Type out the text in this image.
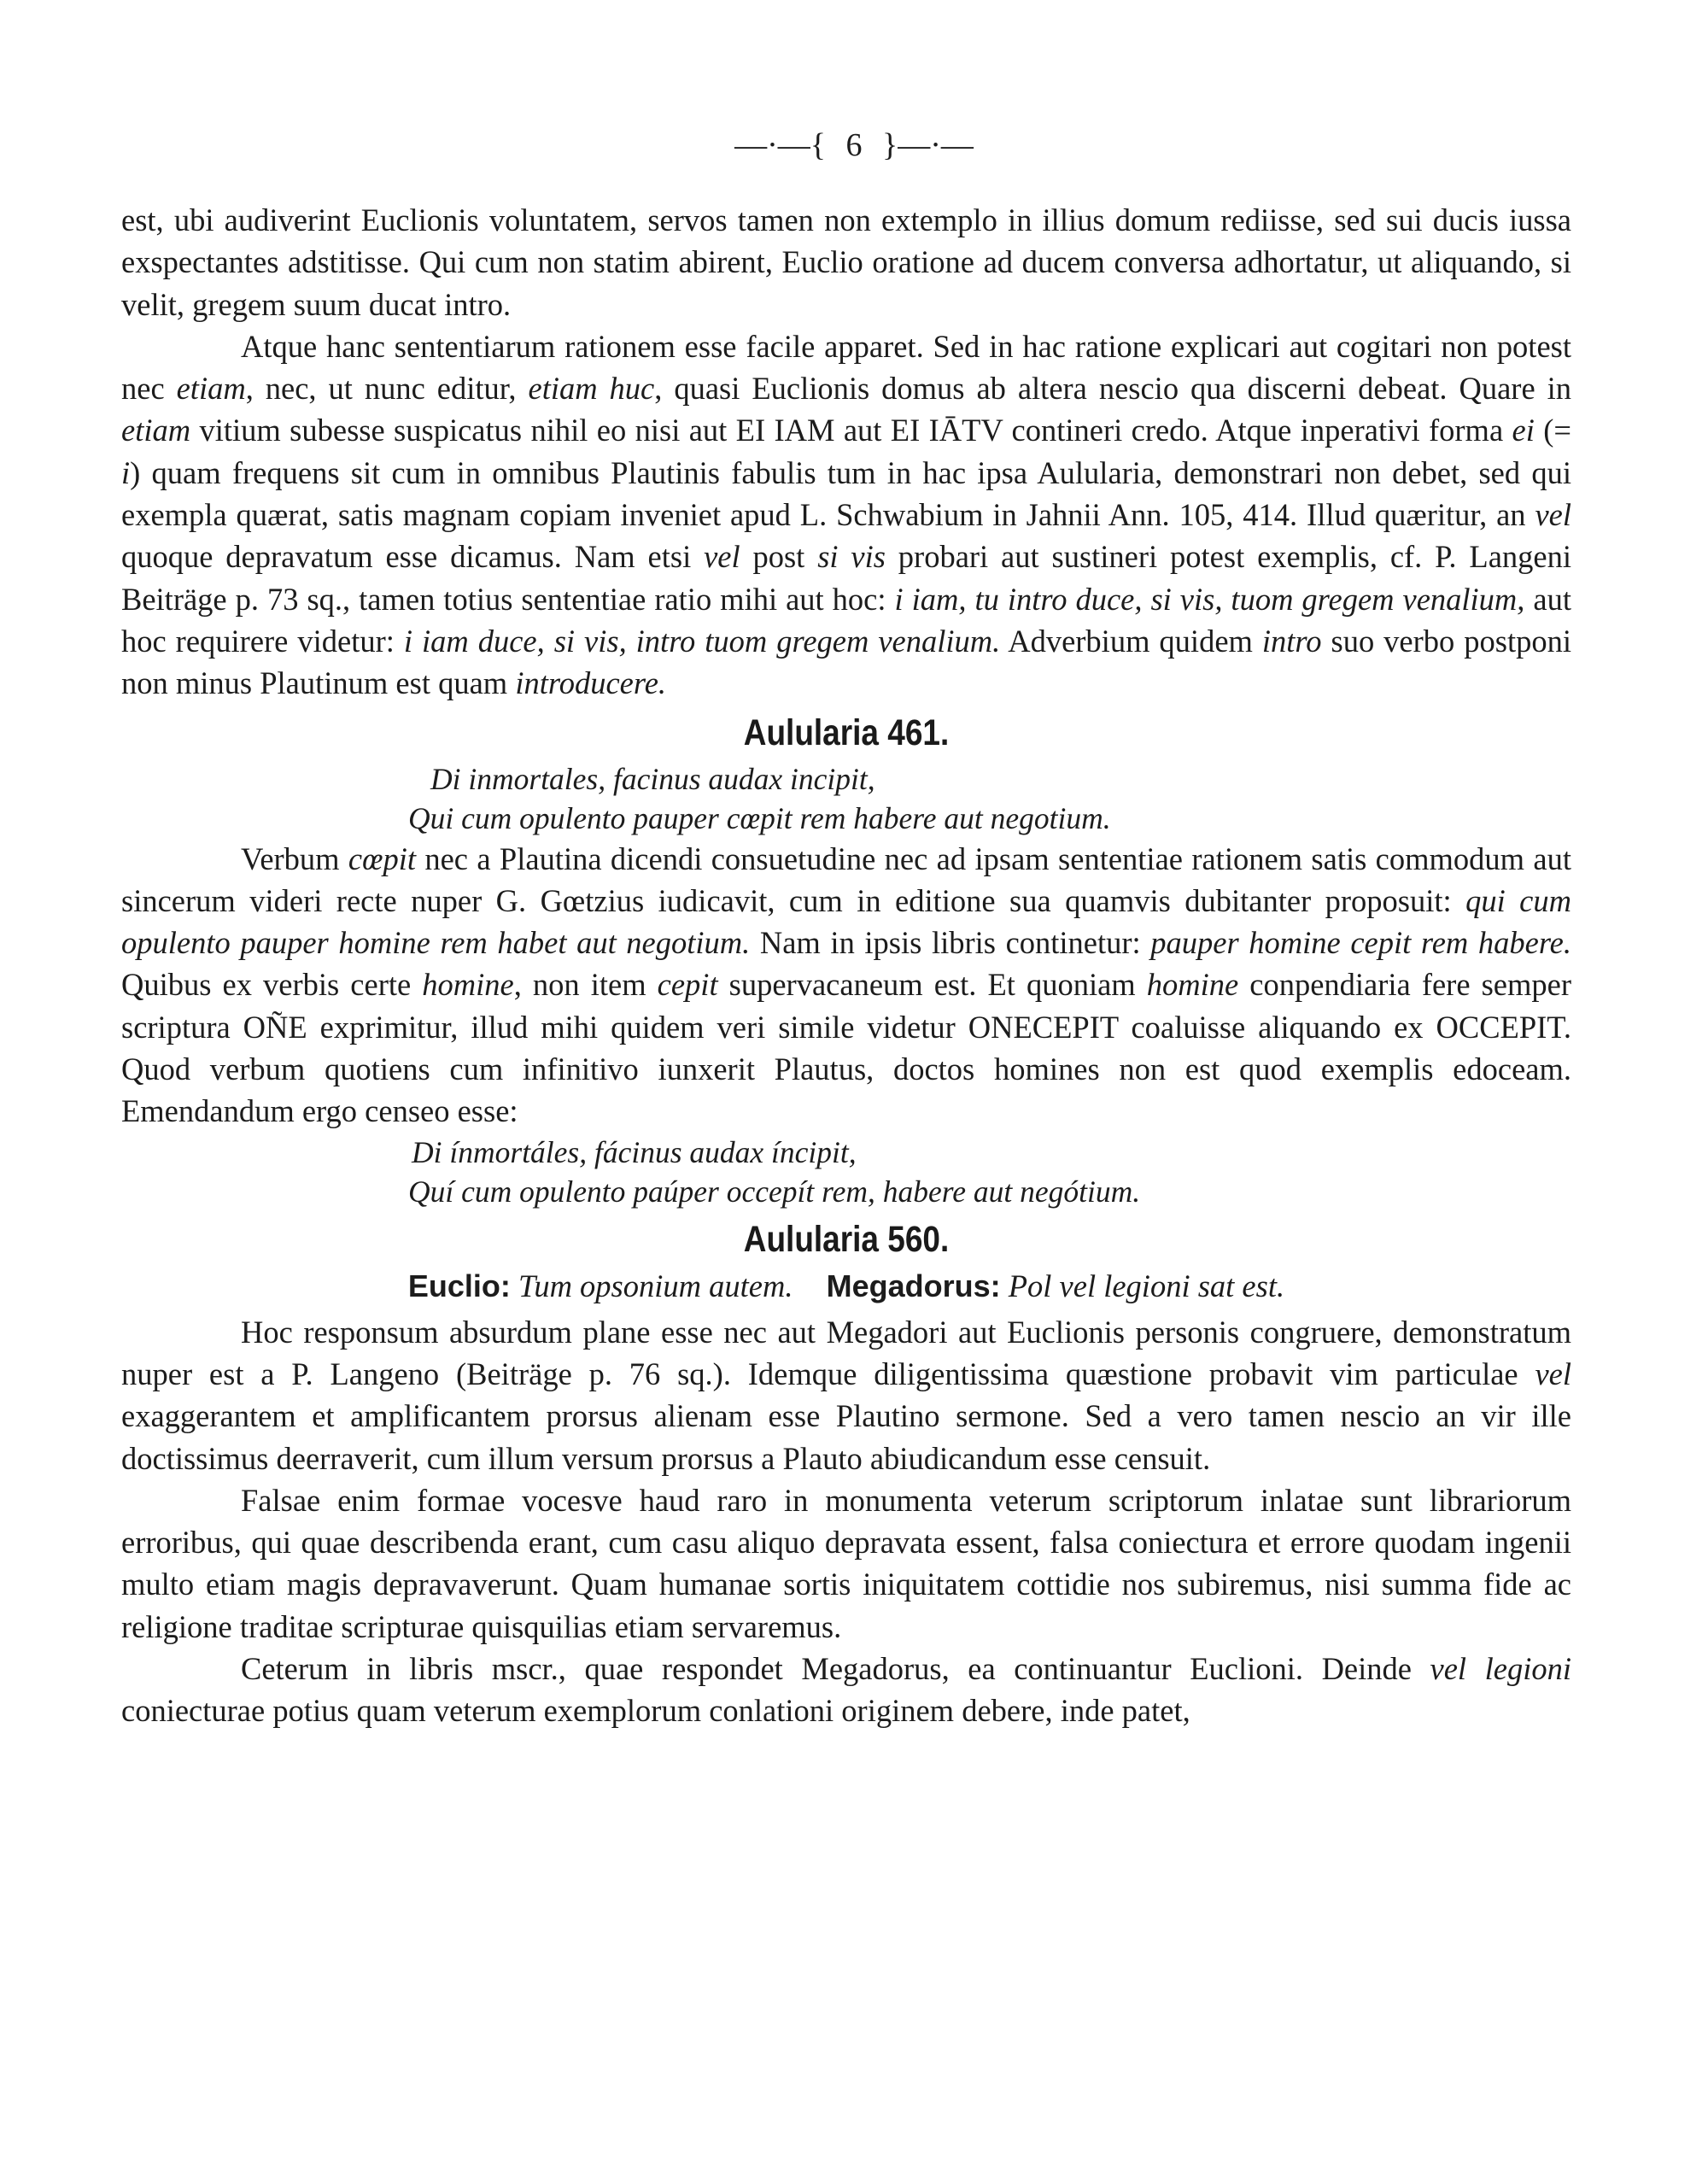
—·—{ 6 }—·—

est, ubi audiverint Euclionis voluntatem, servos tamen non extemplo in illius domum rediisse, sed sui ducis iussa exspectantes adstitisse. Qui cum non statim abirent, Euclio oratione ad ducem conversa adhortatur, ut aliquando, si velit, gregem suum ducat intro.

Atque hanc sententiarum rationem esse facile apparet. Sed in hac ratione explicari aut cogitari non potest nec etiam, nec, ut nunc editur, etiam huc, quasi Euclionis domus ab altera nescio qua discerni debeat. Quare in etiam vitium subesse suspicatus nihil eo nisi aut EI IAM aut EI IĀTV contineri credo. Atque inperativi forma ei (= i) quam frequens sit cum in omnibus Plautinis fabulis tum in hac ipsa Aulularia, demonstrari non debet, sed qui exempla quærat, satis magnam copiam inveniet apud L. Schwabium in Jahnii Ann. 105, 414. Illud quæritur, an vel quoque depravatum esse dicamus. Nam etsi vel post si vis probari aut sustineri potest exemplis, cf. P. Langeni Beiträge p. 73 sq., tamen totius sententiae ratio mihi aut hoc: i iam, tu intro duce, si vis, tuom gregem venalium, aut hoc requirere videtur: i iam duce, si vis, intro tuom gregem venalium. Adverbium quidem intro suo verbo postponi non minus Plautinum est quam introducere.

Aulularia 461.
Di inmortales, facinus audax incipit,
Qui cum opulento pauper cœpit rem habere aut negotium.

Verbum cœpit nec a Plautina dicendi consuetudine nec ad ipsam sententiae rationem satis commodum aut sincerum videri recte nuper G. Gœtzius iudicavit, cum in editione sua quamvis dubitanter proposuit: qui cum opulento pauper homine rem habet aut negotium. Nam in ipsis libris continetur: pauper homine cepit rem habere. Quibus ex verbis certe homine, non item cepit supervacaneum est. Et quoniam homine conpendiaria fere semper scriptura OÑE exprimitur, illud mihi quidem veri simile videtur ONECEPIT coaluisse aliquando ex OCCEPIT. Quod verbum quotiens cum infinitivo iunxerit Plautus, doctos homines non est quod exemplis edoceam. Emendandum ergo censeo esse:

Di ínmortáles, fácinus audax íncipit,
Quí cum opulento paúper occepít rem, habere aut negótium.
Aulularia 560.
Euclio: Tum opsonium autem. Megadorus: Pol vel legioni sat est.

Hoc responsum absurdum plane esse nec aut Megadori aut Euclionis personis congruere, demonstratum nuper est a P. Langeno (Beiträge p. 76 sq.). Idemque diligentissima quæstione probavit vim particulae vel exaggerantem et amplificantem prorsus alienam esse Plautino sermone. Sed a vero tamen nescio an vir ille doctissimus deerraverit, cum illum versum prorsus a Plauto abiudicandum esse censuit.

Falsae enim formae vocesve haud raro in monumenta veterum scriptorum inlatae sunt librariorum erroribus, qui quae describenda erant, cum casu aliquo depravata essent, falsa coniectura et errore quodam ingenii multo etiam magis depravaverunt. Quam humanae sortis iniquitatem cottidie nos subiremus, nisi summa fide ac religione traditae scripturae quisquilias etiam servaremus.

Ceterum in libris mscr., quae respondet Megadorus, ea continuantur Euclioni. Deinde vel legioni coniecturae potius quam veterum exemplorum conlationi originem debere, inde patet,
